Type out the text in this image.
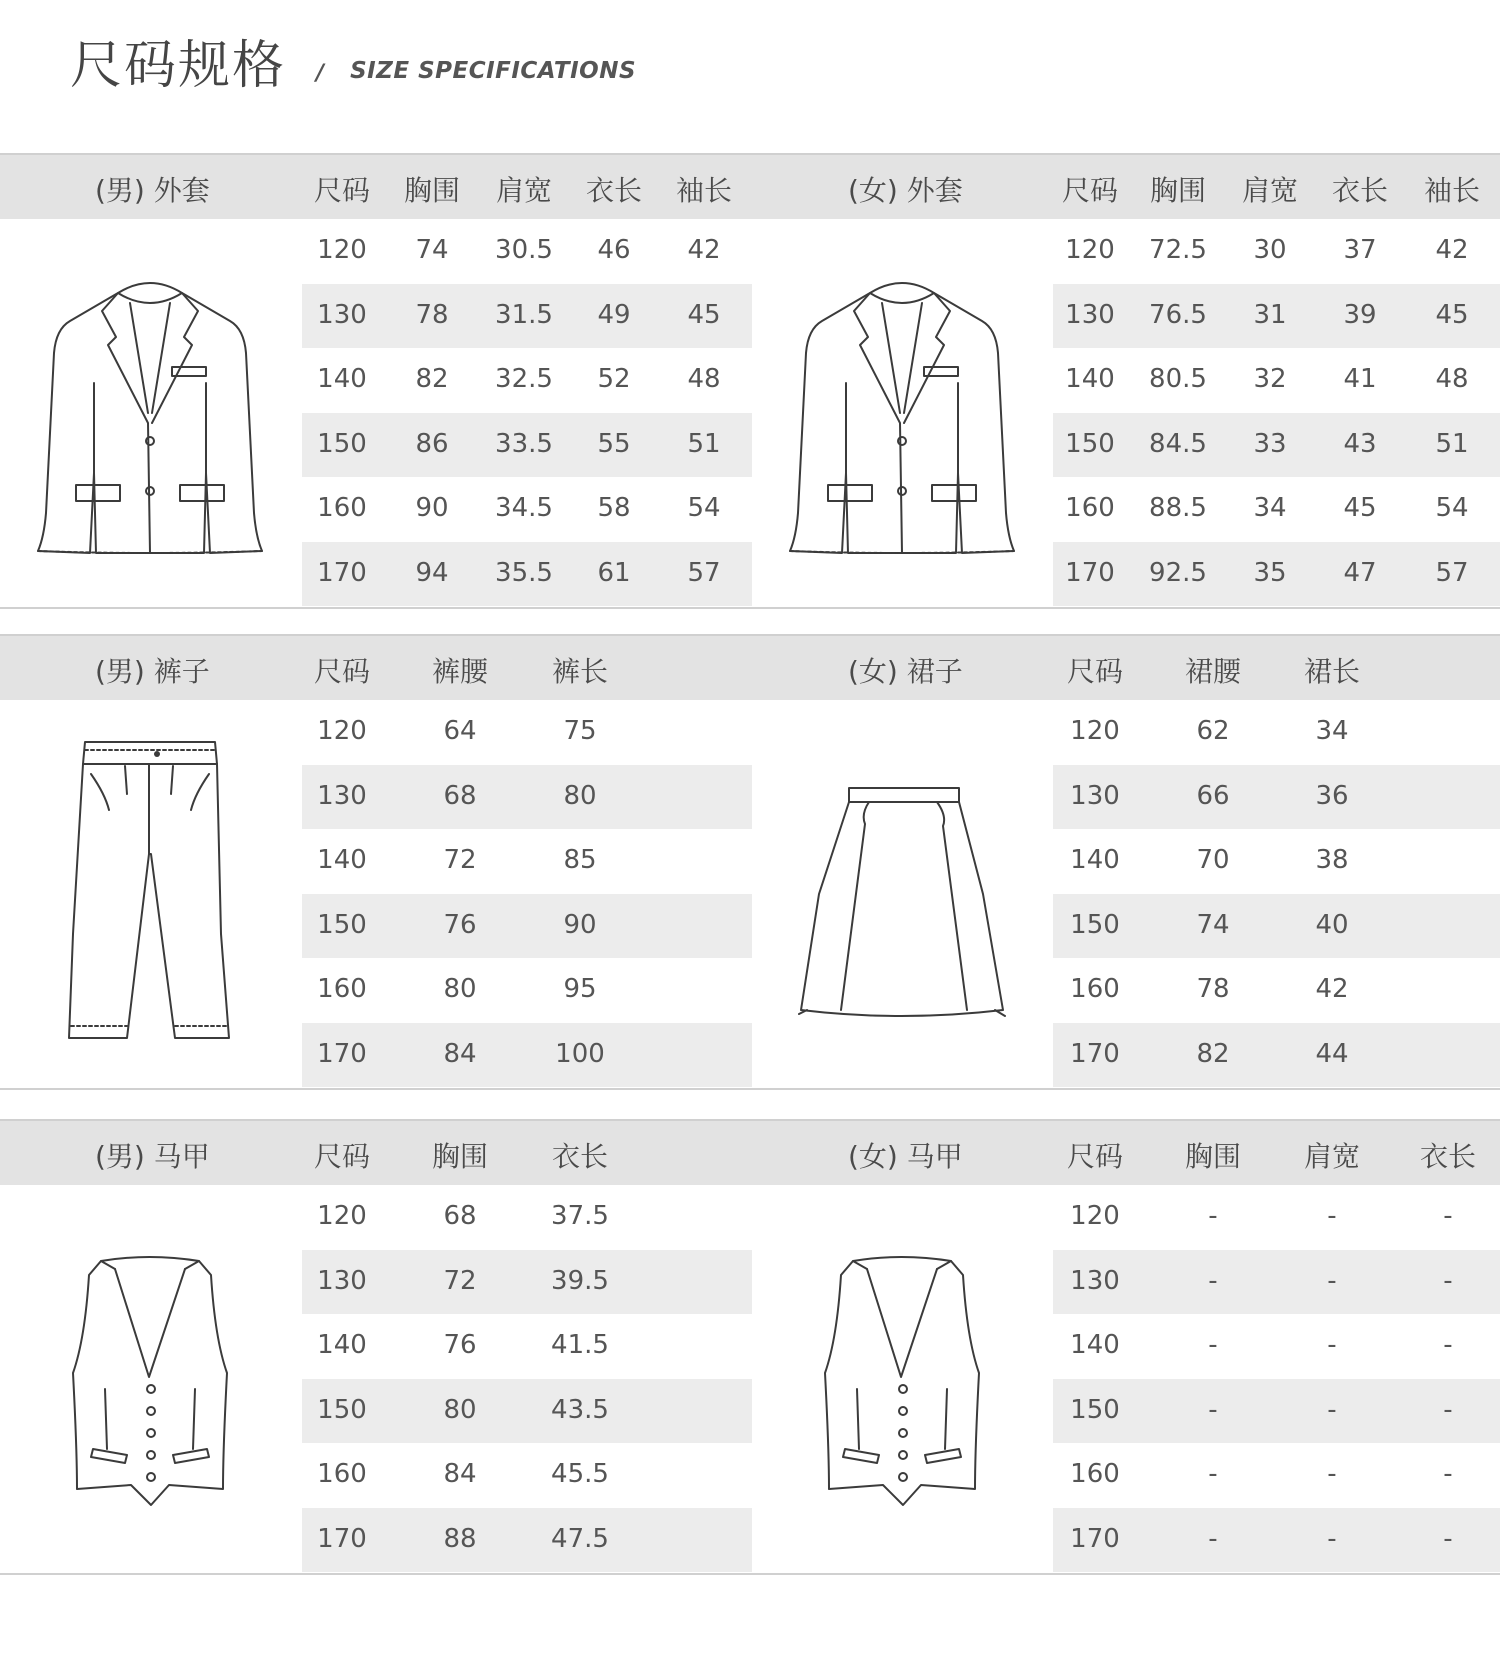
尺码规格 / SIZE SPECIFICATIONS
(男) 外套	尺码 胸围 肩宽 衣长 袖长
120 74 30.5 46 42
130 78 31.5 49 45
140 82 32.5 52 48
150 86 33.5 55 51
160 90 34.5 58 54
170 94 35.5 61 57
(女) 外套	尺码 胸围 肩宽 衣长 袖长
120 72.5 30 37 42
130 76.5 31 39 45
140 80.5 32 41 48
150 84.5 33 43 51
160 88.5 34 45 54
170 92.5 35 47 57
(男) 裤子	尺码 裤腰 裤长
120	64	75
130	68	80
140	72	85
150	76	90
160	80	95
170	84	100
(女) 裙子	尺码 裙腰 裙长
120	62	34
130	66	36
140	70	38
150	74	40
160	78	42
170	82	44
(男) 马甲	尺码 胸围 衣长
120	68	37.5
130	72	39.5
140	76	41.5
150	80	43.5
160	84	45.5
170	88	47.5
(女) 马甲	尺码 胸围 肩宽 衣长
120	-	-	-
130	-	-	-
140	-	-	-
150	-	-	-
160	-	-	-
170	-	-	-
